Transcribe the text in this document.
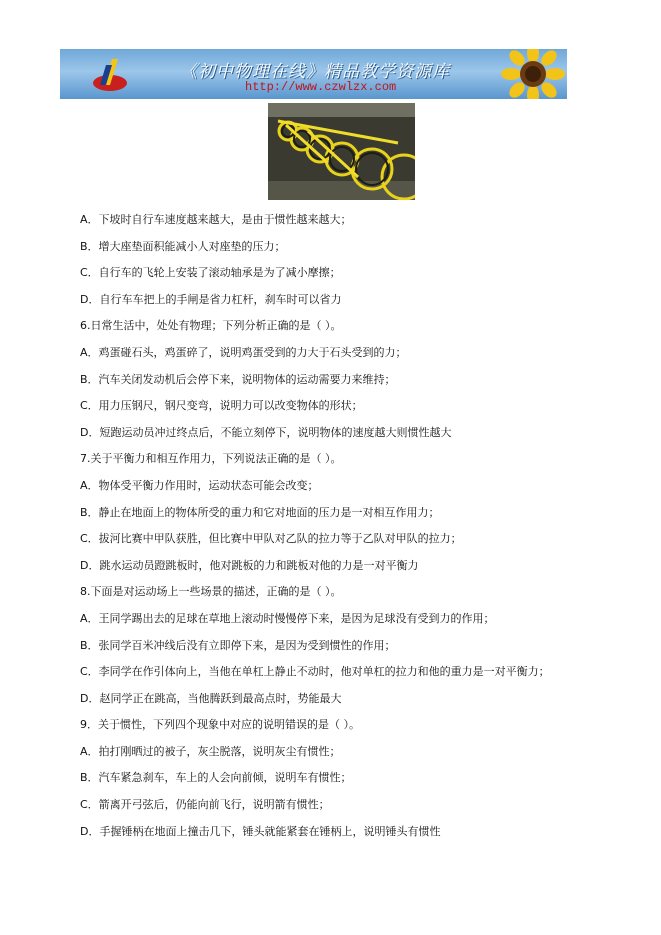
《初中物理在线》精品教学资源库
http://www.czwlzx.com
A．下坡时自行车速度越来越大，是由于惯性越来越大；
B．增大座垫面积能减小人对座垫的压力；
C．自行车的飞轮上安装了滚动轴承是为了减小摩擦；
D．自行车车把上的手闸是省力杠杆，刹车时可以省力
6.日常生活中，处处有物理；下列分析正确的是（ ）。
A．鸡蛋碰石头，鸡蛋碎了，说明鸡蛋受到的力大于石头受到的力；
B．汽车关闭发动机后会停下来，说明物体的运动需要力来维持；
C．用力压钢尺，钢尺变弯，说明力可以改变物体的形状；
D．短跑运动员冲过终点后，不能立刻停下，说明物体的速度越大则惯性越大
7.关于平衡力和相互作用力，下列说法正确的是（ ）。
A．物体受平衡力作用时，运动状态可能会改变；
B．静止在地面上的物体所受的重力和它对地面的压力是一对相互作用力；
C．拔河比赛中甲队获胜，但比赛中甲队对乙队的拉力等于乙队对甲队的拉力；
D．跳水运动员蹬跳板时，他对跳板的力和跳板对他的力是一对平衡力
8.下面是对运动场上一些场景的描述，正确的是（ ）。
A．王同学踢出去的足球在草地上滚动时慢慢停下来，是因为足球没有受到力的作用；
B．张同学百米冲线后没有立即停下来，是因为受到惯性的作用；
C．李同学在作引体向上，当他在单杠上静止不动时，他对单杠的拉力和他的重力是一对平衡力；
D．赵同学正在跳高，当他腾跃到最高点时，势能最大
9．关于惯性，下列四个现象中对应的说明错误的是（ ）。
A．拍打刚晒过的被子，灰尘脱落，说明灰尘有惯性；
B．汽车紧急刹车，车上的人会向前倾，说明车有惯性；
C．箭离开弓弦后，仍能向前飞行，说明箭有惯性；
D．手握锤柄在地面上撞击几下，锤头就能紧套在锤柄上，说明锤头有惯性
